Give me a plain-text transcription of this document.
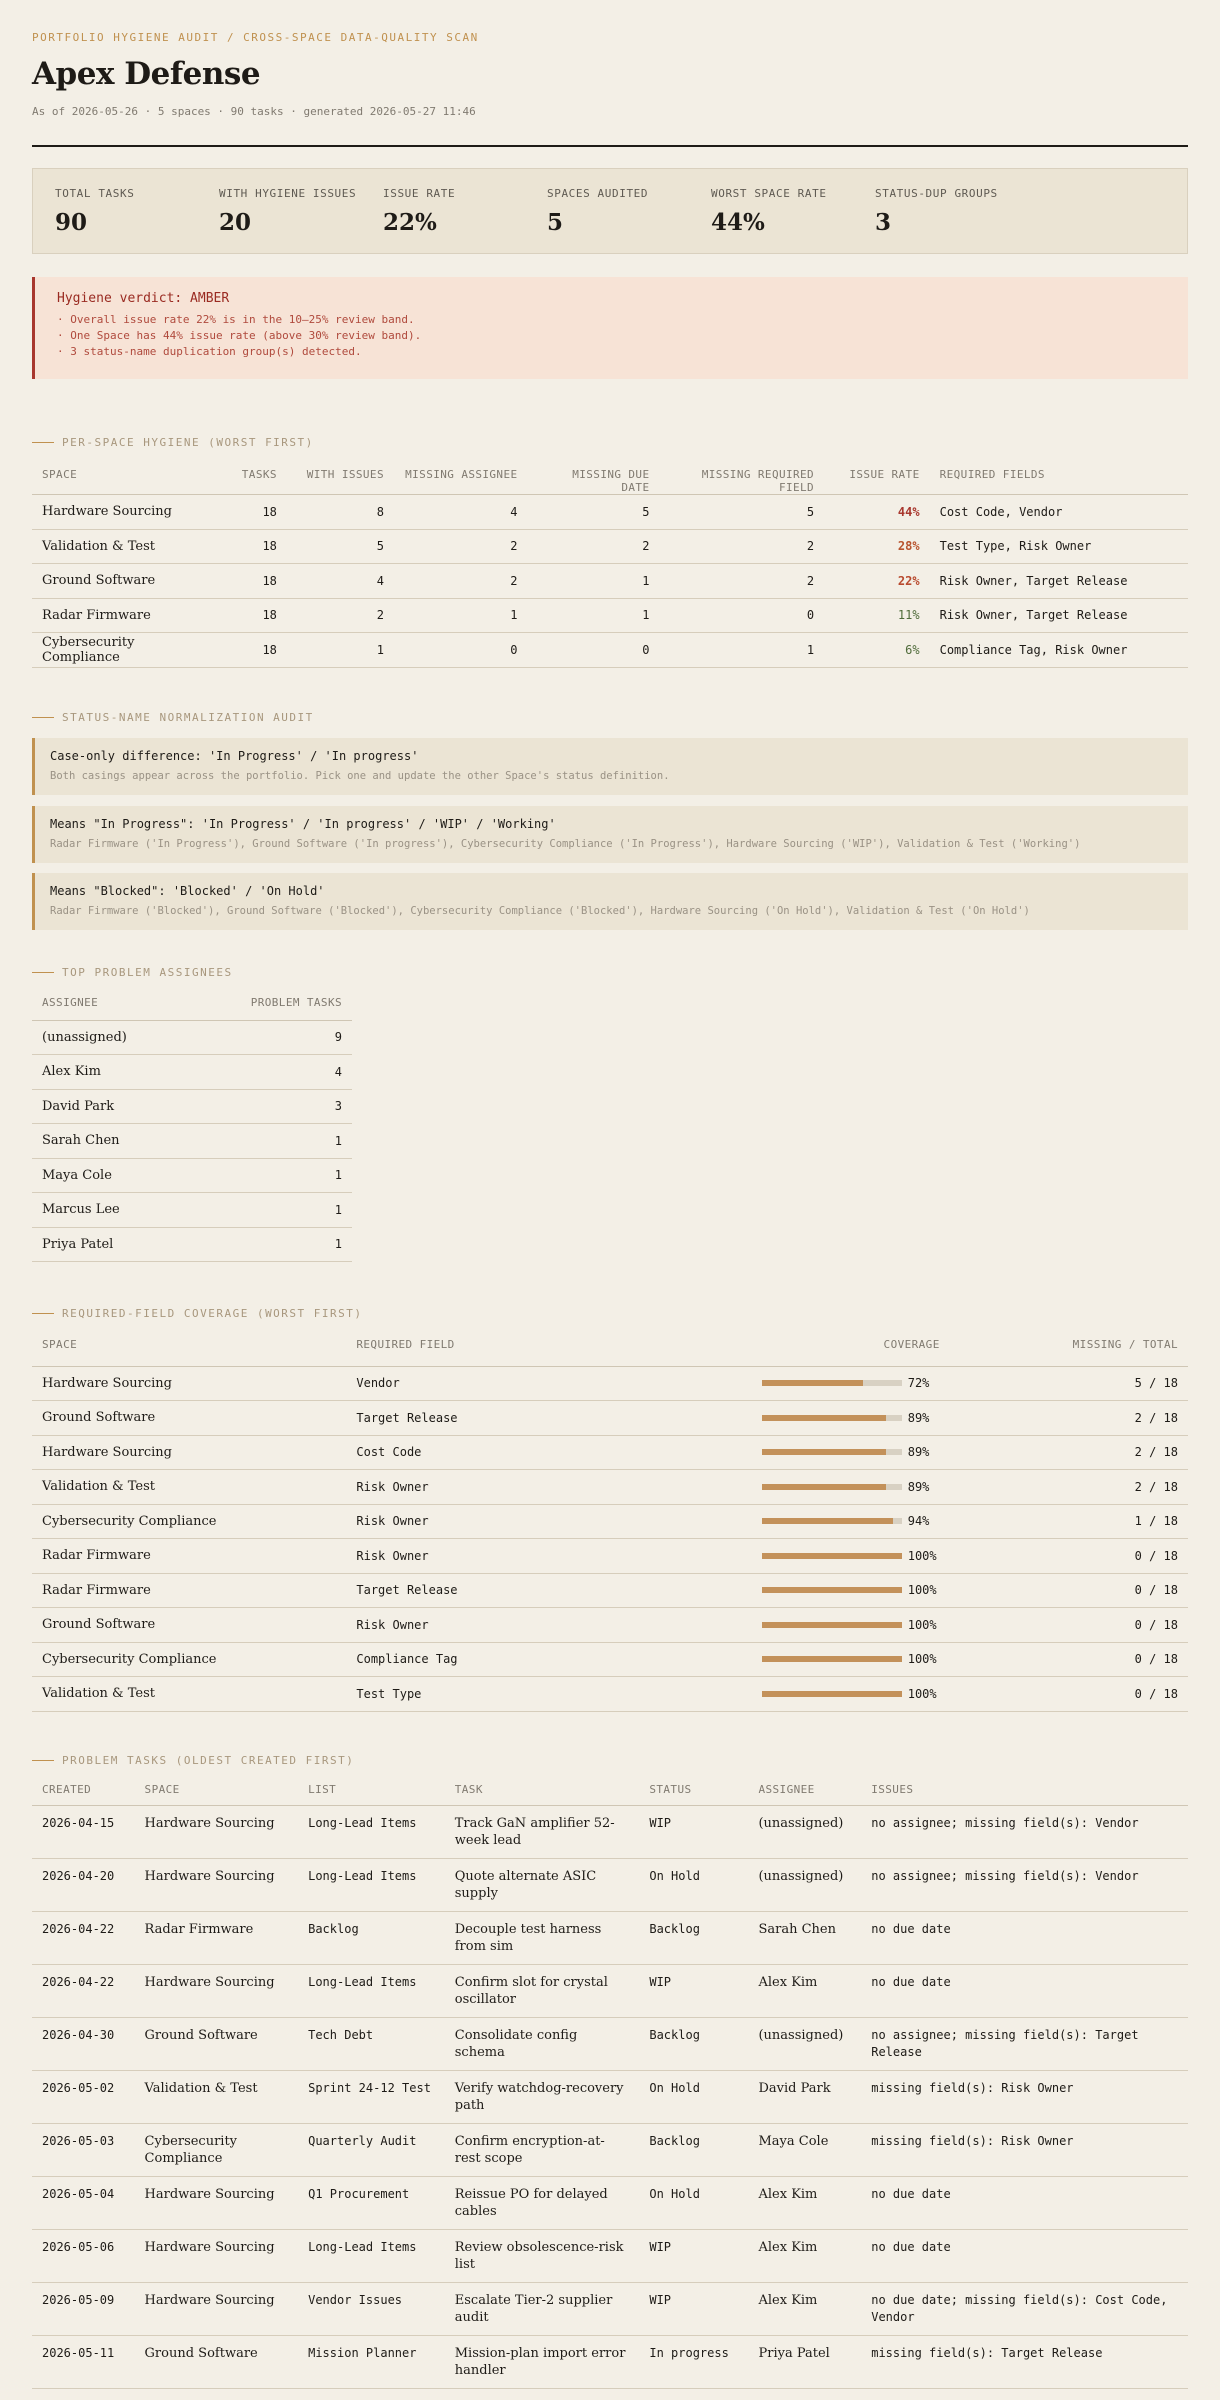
PORTFOLIO HYGIENE AUDIT / CROSS-SPACE DATA-QUALITY SCAN
Apex Defense
As of 2026-05-26 · 5 spaces · 90 tasks · generated 2026-05-27 11:46
TOTAL TASKS
90
WITH HYGIENE ISSUES
20
ISSUE RATE
22%
SPACES AUDITED
5
WORST SPACE RATE
44%
STATUS-DUP GROUPS
3
Hygiene verdict: AMBER
· Overall issue rate 22% is in the 10–25% review band.
· One Space has 44% issue rate (above 30% review band).
· 3 status-name duplication group(s) detected.
PER-SPACE HYGIENE (WORST FIRST)
SPACE	TASKS	WITH ISSUES	MISSING ASSIGNEE	MISSING DUE DATE	MISSING REQUIRED FIELD	ISSUE RATE	REQUIRED FIELDS
Hardware Sourcing	18	8	4	5	5	44%	Cost Code, Vendor
Validation & Test	18	5	2	2	2	28%	Test Type, Risk Owner
Ground Software	18	4	2	1	2	22%	Risk Owner, Target Release
Radar Firmware	18	2	1	1	0	11%	Risk Owner, Target Release
Cybersecurity Compliance	18	1	0	0	1	6%	Compliance Tag, Risk Owner
STATUS-NAME NORMALIZATION AUDIT
Case-only difference: 'In Progress' / 'In progress'
Both casings appear across the portfolio. Pick one and update the other Space's status definition.
Means "In Progress": 'In Progress' / 'In progress' / 'WIP' / 'Working'
Radar Firmware ('In Progress'), Ground Software ('In progress'), Cybersecurity Compliance ('In Progress'), Hardware Sourcing ('WIP'), Validation & Test ('Working')
Means "Blocked": 'Blocked' / 'On Hold'
Radar Firmware ('Blocked'), Ground Software ('Blocked'), Cybersecurity Compliance ('Blocked'), Hardware Sourcing ('On Hold'), Validation & Test ('On Hold')
TOP PROBLEM ASSIGNEES
ASSIGNEE	PROBLEM TASKS
(unassigned)	9
Alex Kim	4
David Park	3
Sarah Chen	1
Maya Cole	1
Marcus Lee	1
Priya Patel	1
REQUIRED-FIELD COVERAGE (WORST FIRST)
SPACE	REQUIRED FIELD	COVERAGE	MISSING / TOTAL
Hardware Sourcing	Vendor	72%	5 / 18
Ground Software	Target Release	89%	2 / 18
Hardware Sourcing	Cost Code	89%	2 / 18
Validation & Test	Risk Owner	89%	2 / 18
Cybersecurity Compliance	Risk Owner	94%	1 / 18
Radar Firmware	Risk Owner	100%	0 / 18
Radar Firmware	Target Release	100%	0 / 18
Ground Software	Risk Owner	100%	0 / 18
Cybersecurity Compliance	Compliance Tag	100%	0 / 18
Validation & Test	Test Type	100%	0 / 18
PROBLEM TASKS (OLDEST CREATED FIRST)
CREATED	SPACE	LIST	TASK	STATUS	ASSIGNEE	ISSUES
2026-04-15	Hardware Sourcing	Long-Lead Items	Track GaN amplifier 52-week lead	WIP	(unassigned)	no assignee; missing field(s): Vendor
2026-04-20	Hardware Sourcing	Long-Lead Items	Quote alternate ASIC supply	On Hold	(unassigned)	no assignee; missing field(s): Vendor
2026-04-22	Radar Firmware	Backlog	Decouple test harness from sim	Backlog	Sarah Chen	no due date
2026-04-22	Hardware Sourcing	Long-Lead Items	Confirm slot for crystal oscillator	WIP	Alex Kim	no due date
2026-04-30	Ground Software	Tech Debt	Consolidate config schema	Backlog	(unassigned)	no assignee; missing field(s): Target Release
2026-05-02	Validation & Test	Sprint 24-12 Test	Verify watchdog-recovery path	On Hold	David Park	missing field(s): Risk Owner
2026-05-03	Cybersecurity Compliance	Quarterly Audit	Confirm encryption-at-rest scope	Backlog	Maya Cole	missing field(s): Risk Owner
2026-05-04	Hardware Sourcing	Q1 Procurement	Reissue PO for delayed cables	On Hold	Alex Kim	no due date
2026-05-06	Hardware Sourcing	Long-Lead Items	Review obsolescence-risk list	WIP	Alex Kim	no due date
2026-05-09	Hardware Sourcing	Vendor Issues	Escalate Tier-2 supplier audit	WIP	Alex Kim	no due date; missing field(s): Cost Code, Vendor
2026-05-11	Ground Software	Mission Planner	Mission-plan import error handler	In progress	Priya Patel	missing field(s): Target Release
